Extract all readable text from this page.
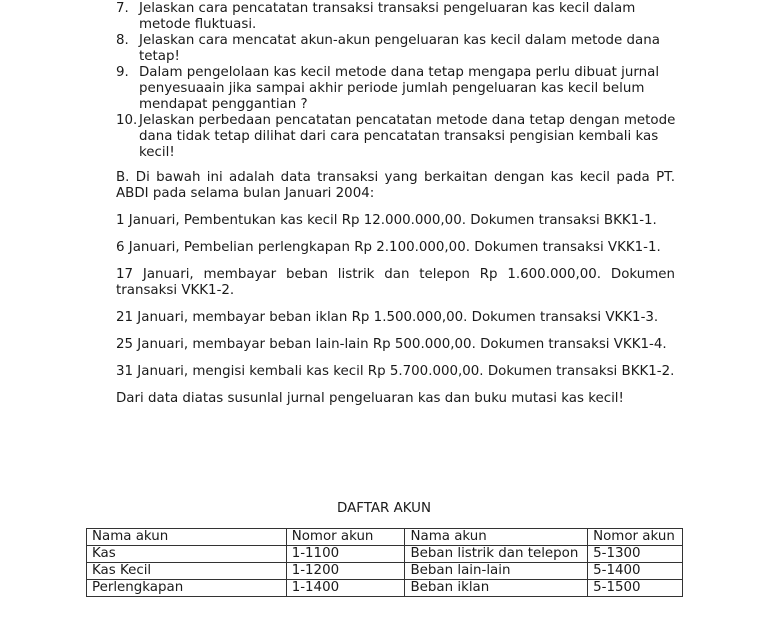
7. Jelaskan cara pencatatan transaksi transaksi pengeluaran kas kecil dalam metode fluktuasi.
8. Jelaskan cara mencatat akun-akun pengeluaran kas kecil dalam metode dana tetap!
9. Dalam pengelolaan kas kecil metode dana tetap mengapa perlu dibuat jurnal penyesuaain jika sampai akhir periode jumlah pengeluaran kas kecil belum mendapat penggantian ?
10. Jelaskan perbedaan pencatatan pencatatan metode dana tetap dengan metode dana tidak tetap dilihat dari cara pencatatan transaksi pengisian kembali kas kecil!

B. Di bawah ini adalah data transaksi yang berkaitan dengan kas kecil pada PT. ABDI pada selama bulan Januari 2004:

1 Januari, Pembentukan kas kecil Rp 12.000.000,00. Dokumen transaksi BKK1-1.

6 Januari, Pembelian perlengkapan Rp 2.100.000,00. Dokumen transaksi VKK1-1.

17 Januari, membayar beban listrik dan telepon Rp 1.600.000,00. Dokumen transaksi VKK1-2.

21 Januari, membayar beban iklan Rp 1.500.000,00. Dokumen transaksi VKK1-3.

25 Januari, membayar beban lain-lain Rp 500.000,00. Dokumen transaksi VKK1-4.

31 Januari, mengisi kembali kas kecil Rp 5.700.000,00. Dokumen transaksi BKK1-2.

Dari data diatas susunlal jurnal pengeluaran kas dan buku mutasi kas kecil!

DAFTAR AKUN
Nama akun	Nomor akun	Nama akun	Nomor akun
Kas	1-1100	Beban listrik dan telepon	5-1300
Kas Kecil	1-1200	Beban lain-lain	5-1400
Perlengkapan	1-1400	Beban iklan	5-1500
